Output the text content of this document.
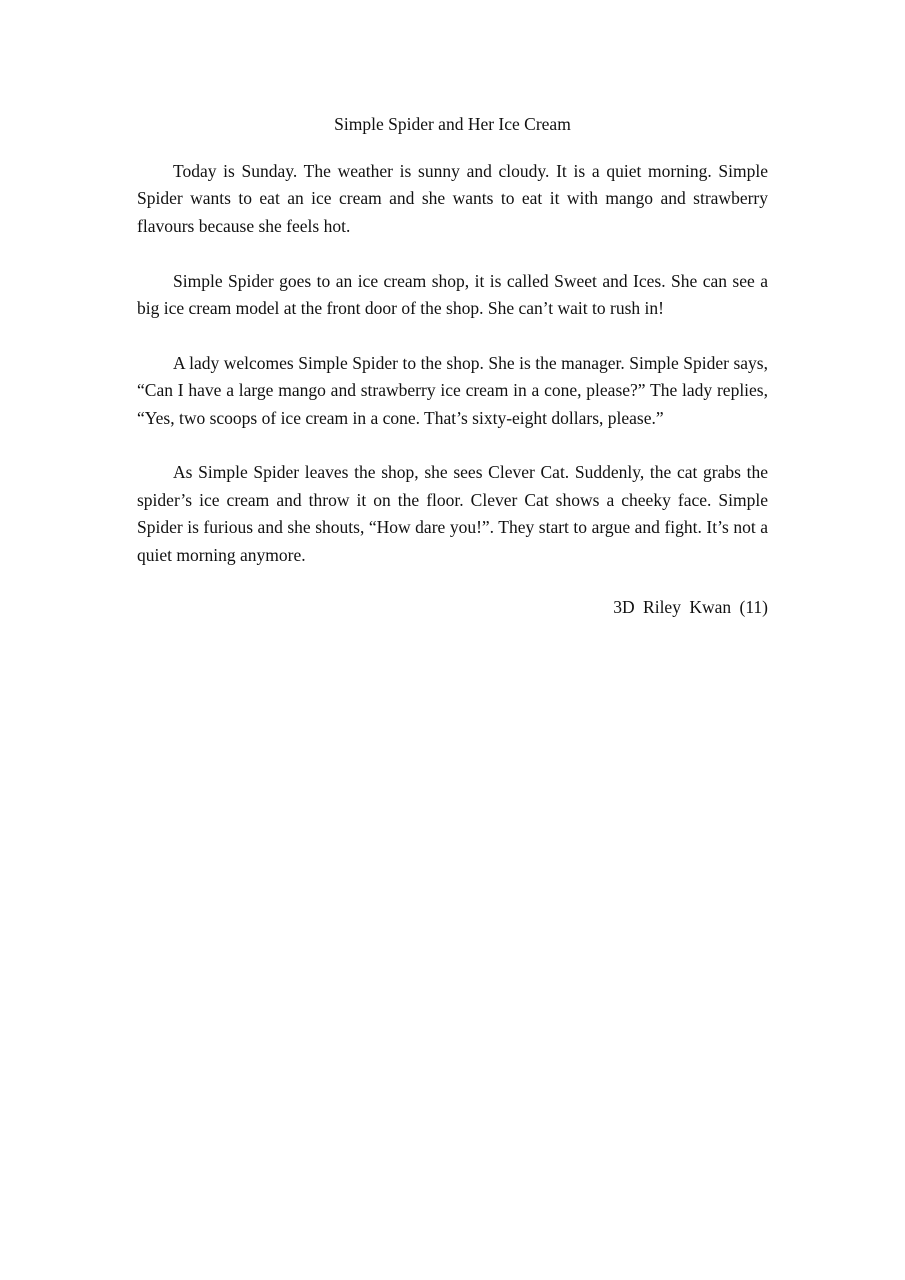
Simple Spider and Her Ice Cream

Today is Sunday. The weather is sunny and cloudy. It is a quiet morning. Simple Spider wants to eat an ice cream and she wants to eat it with mango and strawberry flavours because she feels hot.

Simple Spider goes to an ice cream shop, it is called Sweet and Ices. She can see a big ice cream model at the front door of the shop. She can’t wait to rush in!

A lady welcomes Simple Spider to the shop. She is the manager. Simple Spider says, “Can I have a large mango and strawberry ice cream in a cone, please?” The lady replies, “Yes, two scoops of ice cream in a cone. That’s sixty-eight dollars, please.”

As Simple Spider leaves the shop, she sees Clever Cat. Suddenly, the cat grabs the spider’s ice cream and throw it on the floor. Clever Cat shows a cheeky face. Simple Spider is furious and she shouts, “How dare you!”. They start to argue and fight. It’s not a quiet morning anymore.

3D Riley Kwan (11)
